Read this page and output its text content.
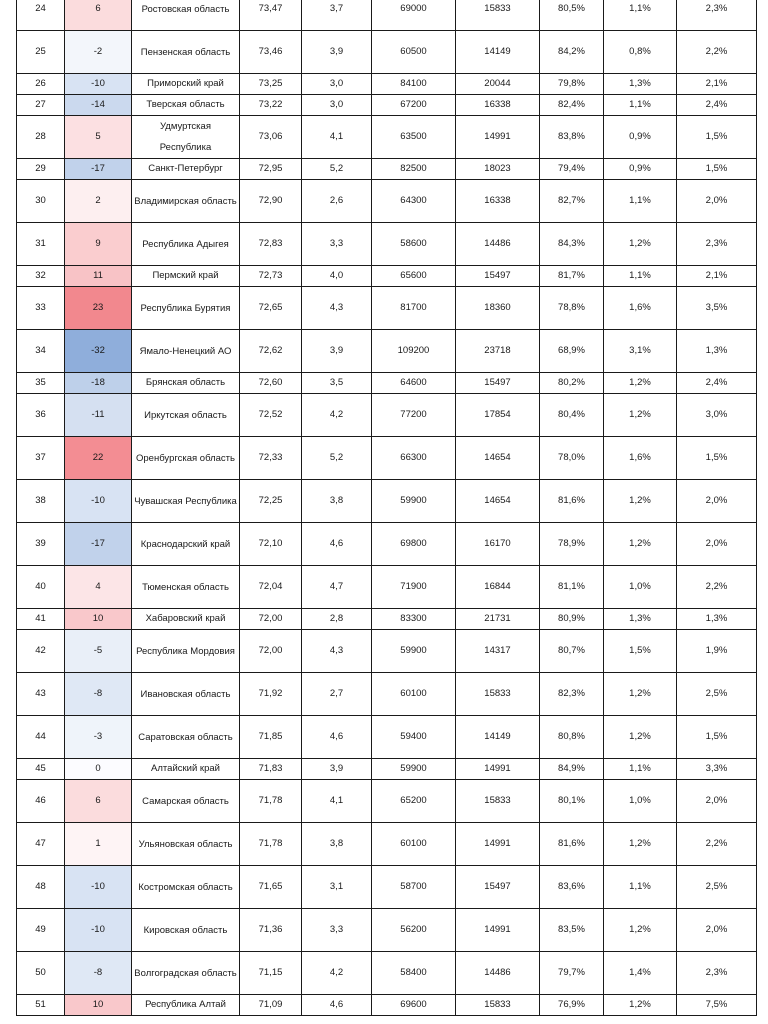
24	6	Ростовская область	73,47	3,7	69000	15833	80,5%	1,1%	2,3%
25	-2	Пензенская область	73,46	3,9	60500	14149	84,2%	0,8%	2,2%
26	-10	Приморский край	73,25	3,0	84100	20044	79,8%	1,3%	2,1%
27	-14	Тверская область	73,22	3,0	67200	16338	82,4%	1,1%	2,4%
28	5	Удмуртская Республика	73,06	4,1	63500	14991	83,8%	0,9%	1,5%
29	-17	Санкт-Петербург	72,95	5,2	82500	18023	79,4%	0,9%	1,5%
30	2	Владимирская область	72,90	2,6	64300	16338	82,7%	1,1%	2,0%
31	9	Республика Адыгея	72,83	3,3	58600	14486	84,3%	1,2%	2,3%
32	11	Пермский край	72,73	4,0	65600	15497	81,7%	1,1%	2,1%
33	23	Республика Бурятия	72,65	4,3	81700	18360	78,8%	1,6%	3,5%
34	-32	Ямало-Ненецкий АО	72,62	3,9	109200	23718	68,9%	3,1%	1,3%
35	-18	Брянская область	72,60	3,5	64600	15497	80,2%	1,2%	2,4%
36	-11	Иркутская область	72,52	4,2	77200	17854	80,4%	1,2%	3,0%
37	22	Оренбургская область	72,33	5,2	66300	14654	78,0%	1,6%	1,5%
38	-10	Чувашская Республика	72,25	3,8	59900	14654	81,6%	1,2%	2,0%
39	-17	Краснодарский край	72,10	4,6	69800	16170	78,9%	1,2%	2,0%
40	4	Тюменская область	72,04	4,7	71900	16844	81,1%	1,0%	2,2%
41	10	Хабаровский край	72,00	2,8	83300	21731	80,9%	1,3%	1,3%
42	-5	Республика Мордовия	72,00	4,3	59900	14317	80,7%	1,5%	1,9%
43	-8	Ивановская область	71,92	2,7	60100	15833	82,3%	1,2%	2,5%
44	-3	Саратовская область	71,85	4,6	59400	14149	80,8%	1,2%	1,5%
45	0	Алтайский край	71,83	3,9	59900	14991	84,9%	1,1%	3,3%
46	6	Самарская область	71,78	4,1	65200	15833	80,1%	1,0%	2,0%
47	1	Ульяновская область	71,78	3,8	60100	14991	81,6%	1,2%	2,2%
48	-10	Костромская область	71,65	3,1	58700	15497	83,6%	1,1%	2,5%
49	-10	Кировская область	71,36	3,3	56200	14991	83,5%	1,2%	2,0%
50	-8	Волгоградская область	71,15	4,2	58400	14486	79,7%	1,4%	2,3%
51	10	Республика Алтай	71,09	4,6	69600	15833	76,9%	1,2%	7,5%
